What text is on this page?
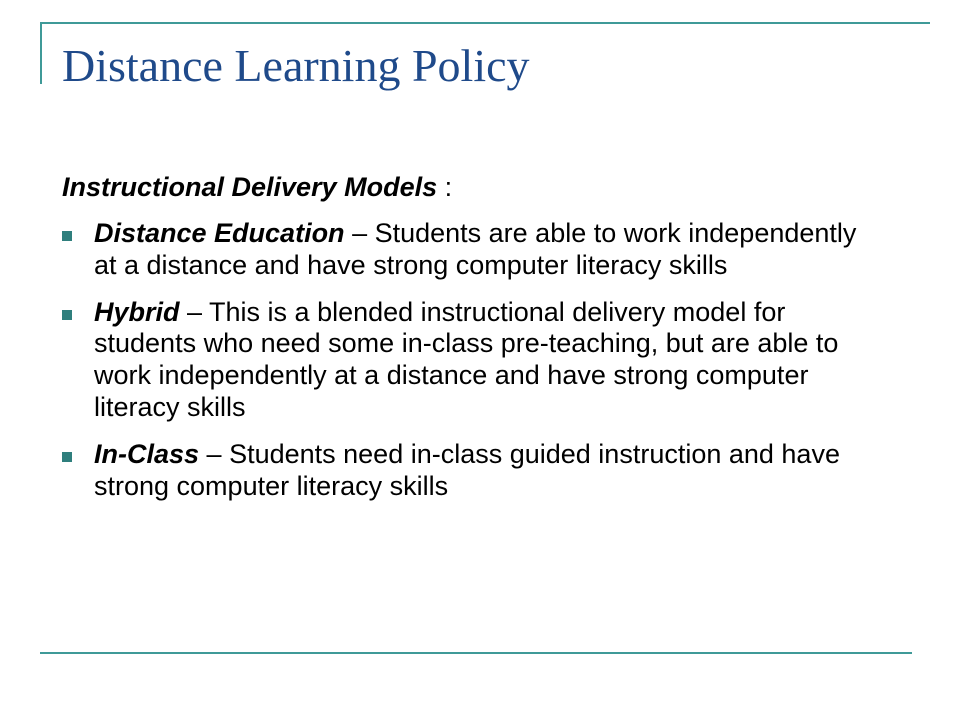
Distance Learning Policy

Instructional Delivery Models :

Distance Education – Students are able to work independently at a distance and have strong computer literacy skills
Hybrid – This is a blended instructional delivery model for students who need some in-class pre-teaching, but are able to work independently at a distance and have strong computer literacy skills
In-Class – Students need in-class guided instruction and have strong computer literacy skills
